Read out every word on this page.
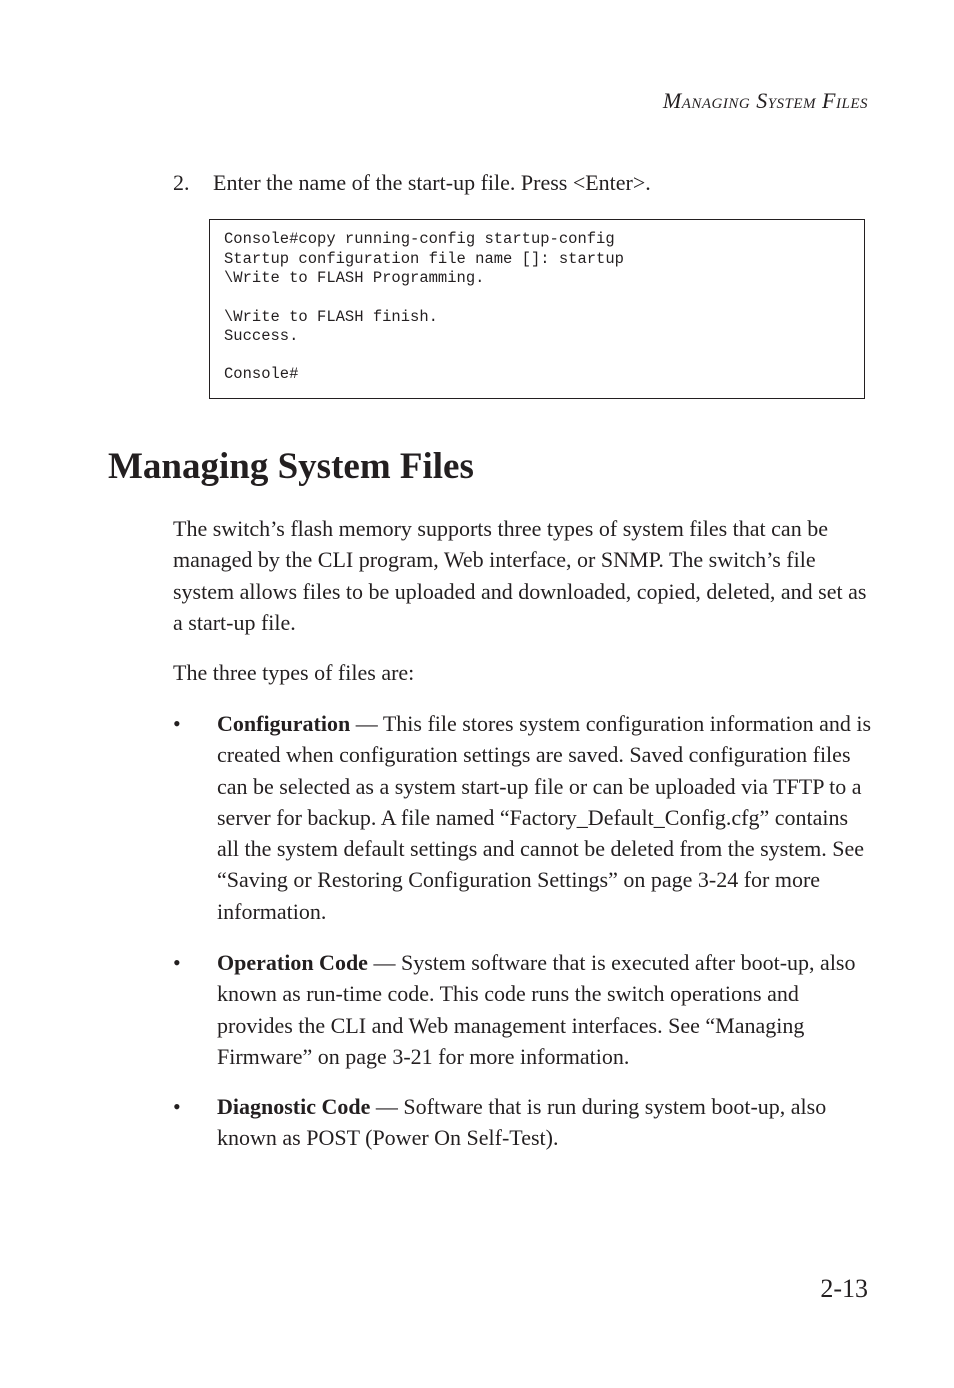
Managing System Files
2. Enter the name of the start-up file. Press <Enter>.
Console#copy running-config startup-config
Startup configuration file name []: startup
\Write to FLASH Programming.
\Write to FLASH finish.
Success.
Console#
Managing System Files
The switch’s flash memory supports three types of system files that can be managed by the CLI program, Web interface, or SNMP. The switch’s file system allows files to be uploaded and downloaded, copied, deleted, and set as a start-up file.
The three types of files are:
• Configuration — This file stores system configuration information and is created when configuration settings are saved. Saved configuration files can be selected as a system start-up file or can be uploaded via TFTP to a server for backup. A file named “Factory_Default_Config.cfg” contains all the system default settings and cannot be deleted from the system. See “Saving or Restoring Configuration Settings” on page 3-24 for more information.
• Operation Code — System software that is executed after boot-up, also known as run-time code. This code runs the switch operations and provides the CLI and Web management interfaces. See “Managing Firmware” on page 3-21 for more information.
• Diagnostic Code — Software that is run during system boot-up, also known as POST (Power On Self-Test).
2-13
